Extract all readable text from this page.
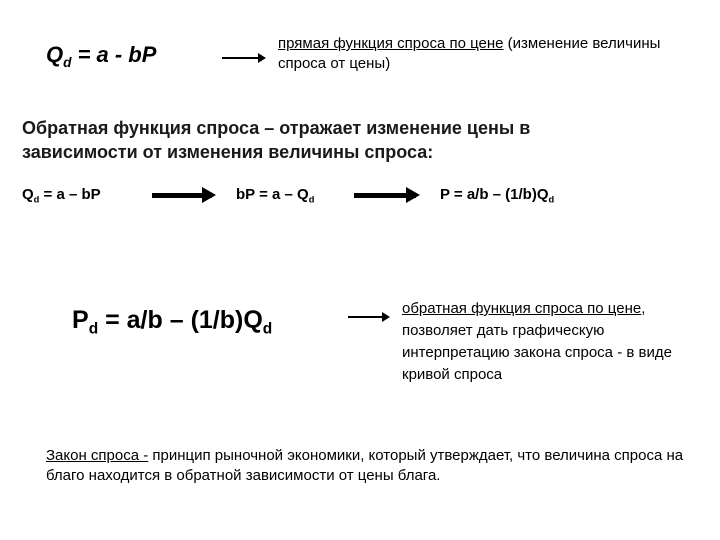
$Q_d = a$ - bP	прямая функция спроса по цене (изменение величины спроса от цены)
Обратная функция спроса – отражает изменение цены в зависимости от изменения величины спроса:
$Q_d = a$ – bP	bP = a – $Q_d$	$P = a/b - (1/b)Q_d$
$P_d = a/b - (1/b)Q_d$
обратная функция спроса по цене, позволяет дать графическую интерпретацию закона спроса - в виде кривой спроса
Закон спроса - принцип рыночной экономики, который утверждает, что величина спроса на благо находится в обратной зависимости от цены блага.
